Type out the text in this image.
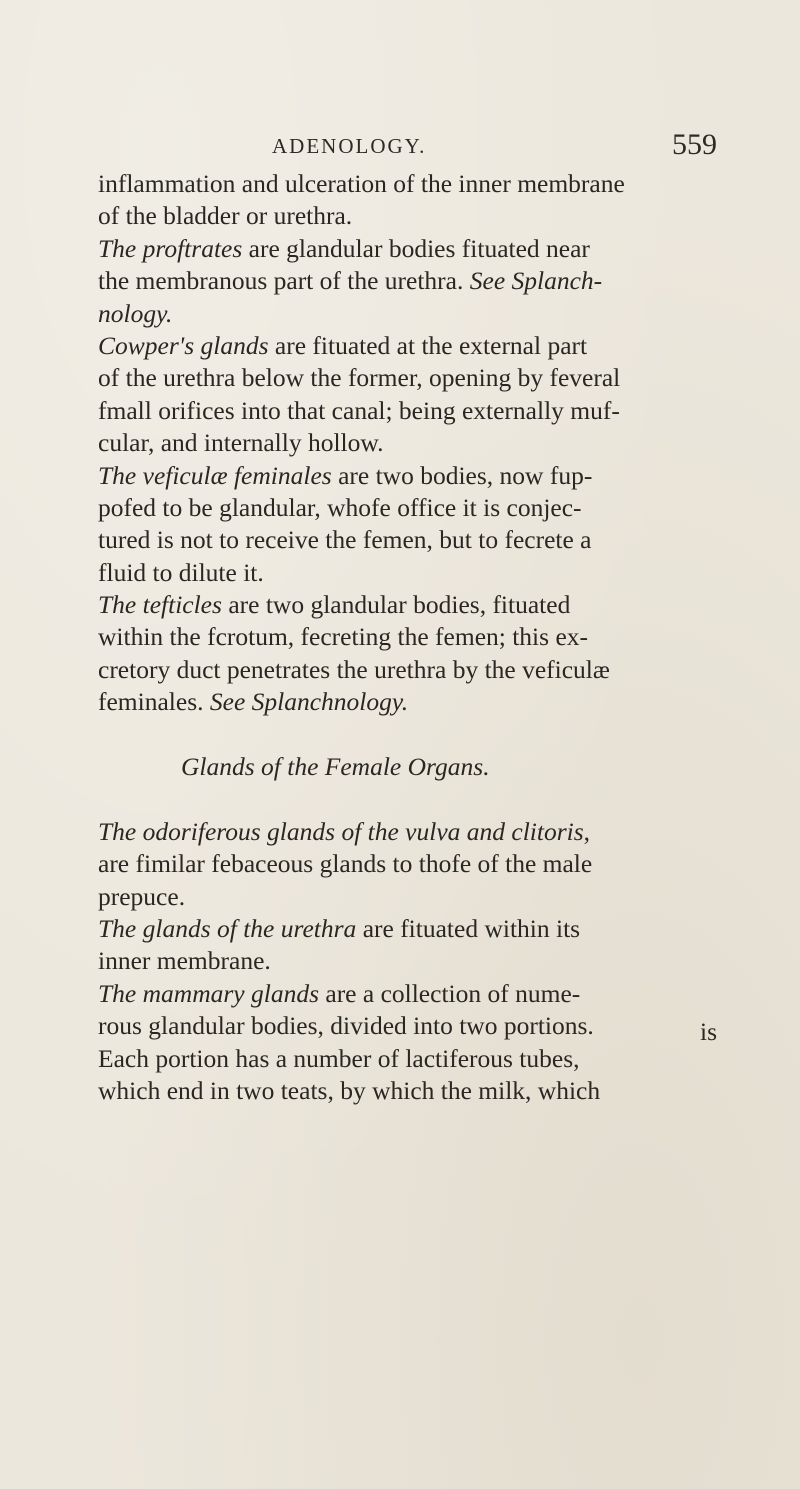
ADENOLOGY.	559
inflammation and ulceration of the inner membrane
of the bladder or urethra.
The proftrates are glandular bodies fituated near
the membranous part of the urethra. See Splanch-
nology.
Cowper's glands are fituated at the external part
of the urethra below the former, opening by feveral
fmall orifices into that canal; being externally muf-
cular, and internally hollow.
The veficulæ feminales are two bodies, now fup-
pofed to be glandular, whofe office it is conjec-
tured is not to receive the femen, but to fecrete a
fluid to dilute it.
The tefticles are two glandular bodies, fituated
within the fcrotum, fecreting the femen; this ex-
cretory duct penetrates the urethra by the veficulæ
feminales. See Splanchnology.
Glands of the Female Organs.
The odoriferous glands of the vulva and clitoris,
are fimilar febaceous glands to thofe of the male
prepuce.
The glands of the urethra are fituated within its
inner membrane.
The mammary glands are a collection of nume-
rous glandular bodies, divided into two portions.
Each portion has a number of lactiferous tubes,
which end in two teats, by which the milk, which
is
